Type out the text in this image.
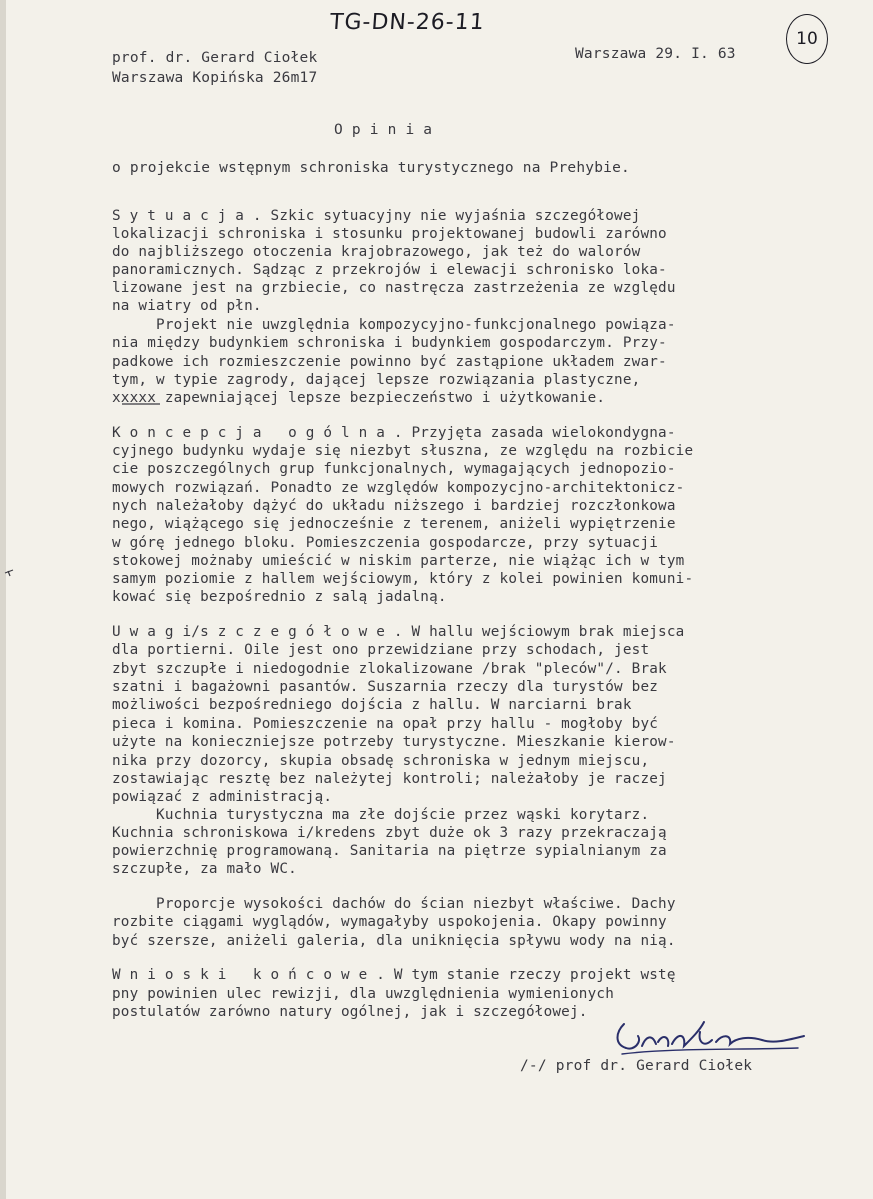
TG-DN-26-11
10
prof. dr. Gerard Ciołek
Warszawa Kopińska 26m17
Warszawa 29. I. 63
O p i n i a
o projekcie wstępnym schroniska turystycznego na Prehybie.
S y t u a c j a . Szkic sytuacyjny nie wyjaśnia szczegółowej
lokalizacji schroniska i stosunku projektowanej budowli zarówno
do najbliższego otoczenia krajobrazowego, jak też do walorów
panoramicznych. Sądząc z przekrojów i elewacji schronisko loka-
lizowane jest na grzbiecie, co nastręcza zastrzeżenia ze względu
na wiatry od płn.
Projekt nie uwzględnia kompozycyjno-funkcjonalnego powiąza-
nia między budynkiem schroniska i budynkiem gospodarczym. Przy-
padkowe ich rozmieszczenie powinno być zastąpione układem zwar-
tym, w typie zagrody, dającej lepsze rozwiązania plastyczne,
xxxxx zapewniającej lepsze bezpieczeństwo i użytkowanie.
K o n c e p c j a   o g ó l n a . Przyjęta zasada wielokondygna-
cyjnego budynku wydaje się niezbyt słuszna, ze względu na rozbicie
cie poszczególnych grup funkcjonalnych, wymagających jednopozio-
mowych rozwiązań. Ponadto ze względów kompozycjno-architektonicz-
nych należałoby dążyć do układu niższego i bardziej rozczłonkowa
nego, wiążącego się jednocześnie z terenem, aniżeli wypiętrzenie
w górę jednego bloku. Pomieszczenia gospodarcze, przy sytuacji
stokowej możnaby umieścić w niskim parterze, nie wiążąc ich w tym
samym poziomie z hallem wejściowym, który z kolei powinien komuni-
kować się bezpośrednio z salą jadalną.
U w a g i/s z c z e g ó ł o w e . W hallu wejściowym brak miejsca
dla portierni. Oile jest ono przewidziane przy schodach, jest
zbyt szczupłe i niedogodnie zlokalizowane /brak "pleców"/. Brak
szatni i bagażowni pasantów. Suszarnia rzeczy dla turystów bez
możliwości bezpośredniego dojścia z hallu. W narciarni brak
pieca i komina. Pomieszczenie na opał przy hallu - mogłoby być
użyte na konieczniejsze potrzeby turystyczne. Mieszkanie kierow-
nika przy dozorcy, skupia obsadę schroniska w jednym miejscu,
zostawiając resztę bez należytej kontroli; należałoby je raczej
powiązać z administracją.
Kuchnia turystyczna ma złe dojście przez wąski korytarz.
Kuchnia schroniskowa i/kredens zbyt duże ok 3 razy przekraczają
powierzchnię programowaną. Sanitaria na piętrze sypialnianym za
szczupłe, za mało WC.
Proporcje wysokości dachów do ścian niezbyt właściwe. Dachy
rozbite ciągami wyglądów, wymagałyby uspokojenia. Okapy powinny
być szersze, aniżeli galeria, dla uniknięcia spływu wody na nią.
W n i o s k i   k o ń c o w e . W tym stanie rzeczy projekt wstę
pny powinien ulec rewizji, dla uwzględnienia wymienionych
postulatów zarówno natury ogólnej, jak i szczegółowej.
/-/ prof dr. Gerard Ciołek
